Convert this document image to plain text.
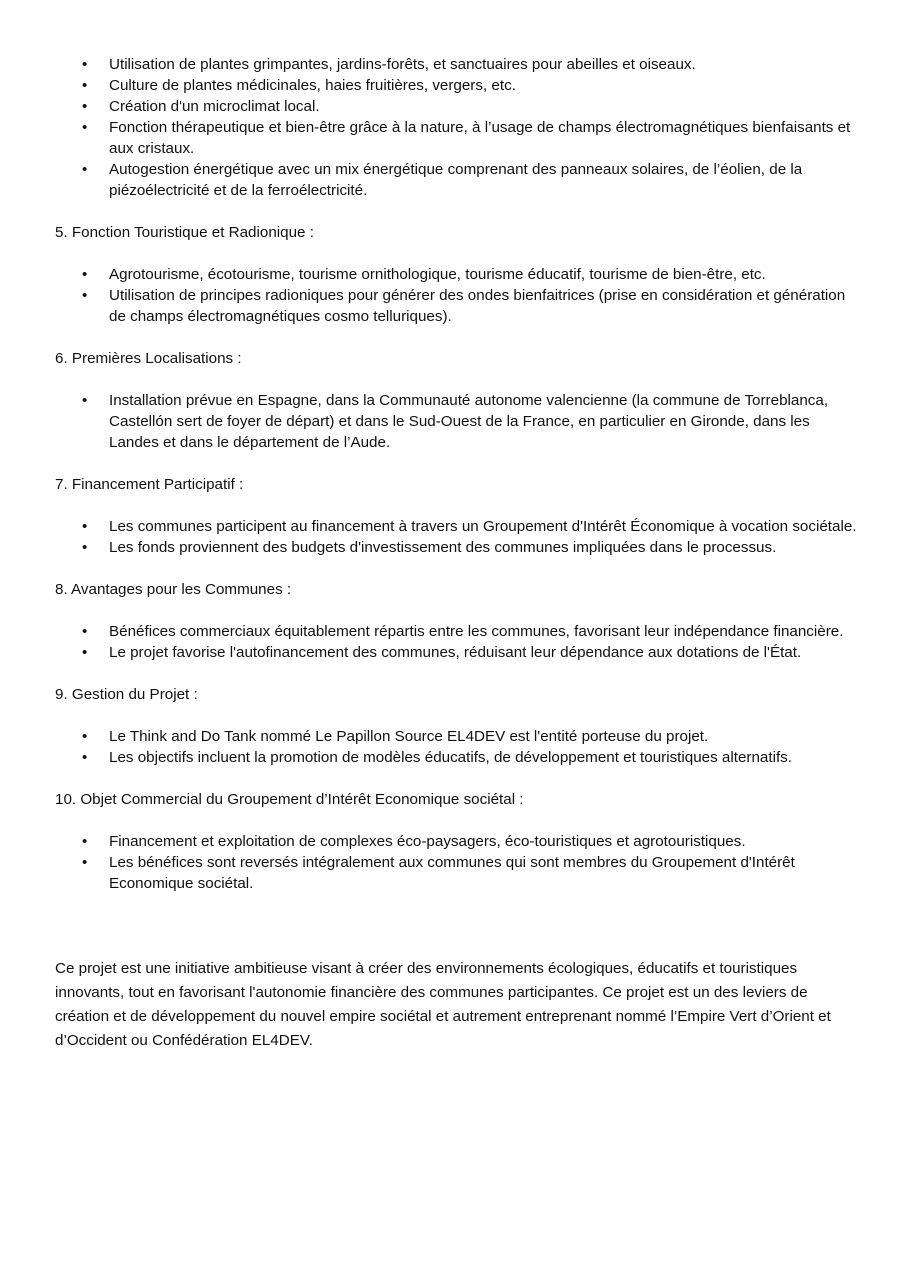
• Utilisation de plantes grimpantes, jardins-forêts, et sanctuaires pour abeilles et oiseaux.
• Culture de plantes médicinales, haies fruitières, vergers, etc.
• Création d'un microclimat local.
• Fonction thérapeutique et bien-être grâce à la nature, à l’usage de champs électromagnétiques bienfaisants et aux cristaux.
• Autogestion énergétique avec un mix énergétique comprenant des panneaux solaires, de l’éolien, de la piézoélectricité et de la ferroélectricité.

5. Fonction Touristique et Radionique :

• Agrotourisme, écotourisme, tourisme ornithologique, tourisme éducatif, tourisme de bien-être, etc.
• Utilisation de principes radioniques pour générer des ondes bienfaitrices (prise en considération et génération de champs électromagnétiques cosmo telluriques).

6. Premières Localisations :

• Installation prévue en Espagne, dans la Communauté autonome valencienne (la commune de Torreblanca, Castellón sert de foyer de départ) et dans le Sud-Ouest de la France, en particulier en Gironde, dans les Landes et dans le département de l’Aude.

7. Financement Participatif :

• Les communes participent au financement à travers un Groupement d'Intérêt Économique à vocation sociétale.
• Les fonds proviennent des budgets d'investissement des communes impliquées dans le processus.

8. Avantages pour les Communes :

• Bénéfices commerciaux équitablement répartis entre les communes, favorisant leur indépendance financière.
• Le projet favorise l'autofinancement des communes, réduisant leur dépendance aux dotations de l'État.

9. Gestion du Projet :

• Le Think and Do Tank nommé Le Papillon Source EL4DEV est l'entité porteuse du projet.
• Les objectifs incluent la promotion de modèles éducatifs, de développement et touristiques alternatifs.

10. Objet Commercial du Groupement d’Intérêt Economique sociétal :

• Financement et exploitation de complexes éco-paysagers, éco-touristiques et agrotouristiques.
• Les bénéfices sont reversés intégralement aux communes qui sont membres du Groupement d'Intérêt Economique sociétal.

Ce projet est une initiative ambitieuse visant à créer des environnements écologiques, éducatifs et touristiques innovants, tout en favorisant l'autonomie financière des communes participantes. Ce projet est un des leviers de création et de développement du nouvel empire sociétal et autrement entreprenant nommé l’Empire Vert d’Orient et d’Occident ou Confédération EL4DEV.
